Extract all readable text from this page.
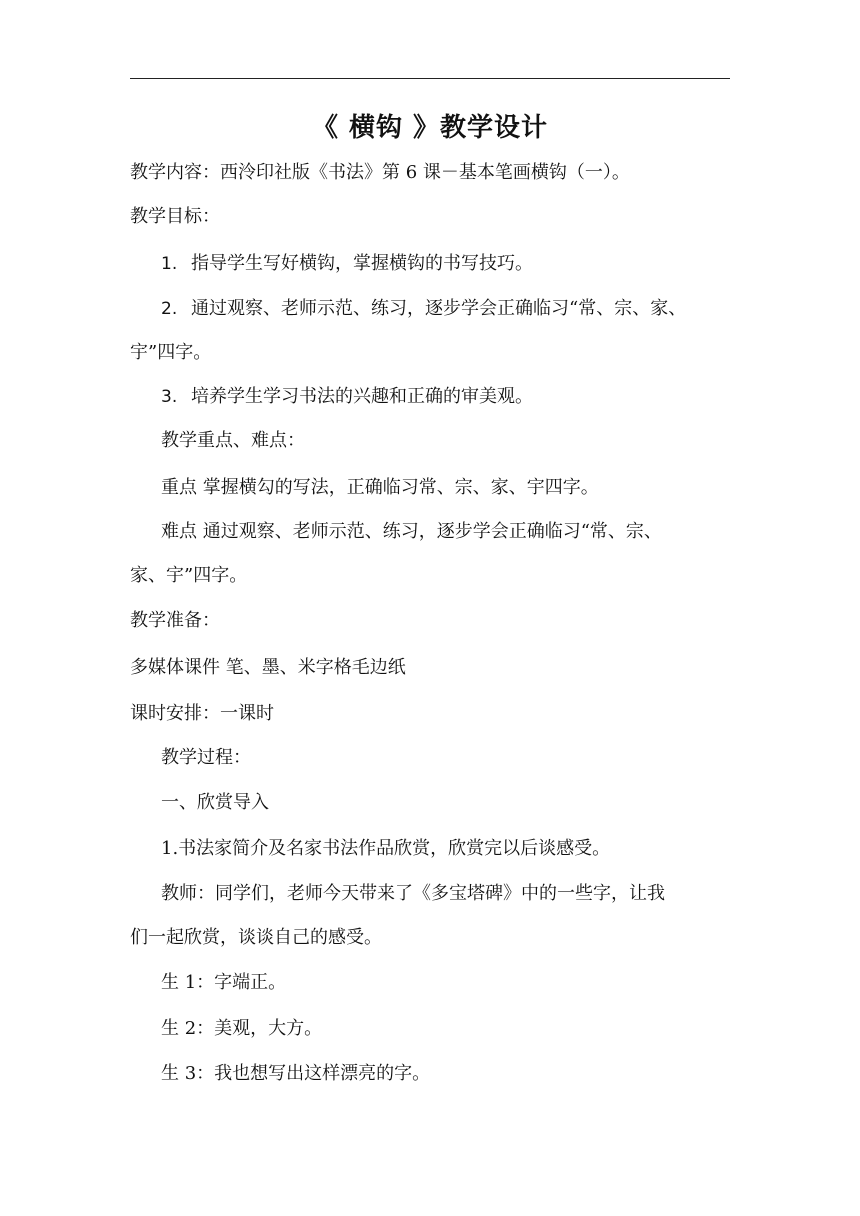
《 横钩 》教学设计
教学内容：西泠印社版《书法》第 6 课－基本笔画横钩（一）。
教学目标：
1. 指导学生写好横钩，掌握横钩的书写技巧。
2. 通过观察、老师示范、练习，逐步学会正确临习“常、宗、家、
宇”四字。
3. 培养学生学习书法的兴趣和正确的审美观。
教学重点、难点：
重点 掌握横勾的写法，正确临习常、宗、家、宇四字。
难点 通过观察、老师示范、练习，逐步学会正确临习“常、宗、
家、宇”四字。
教学准备：
多媒体课件 笔、墨、米字格毛边纸
课时安排：一课时
教学过程：
一、欣赏导入
1.书法家简介及名家书法作品欣赏，欣赏完以后谈感受。
教师：同学们，老师今天带来了《多宝塔碑》中的一些字，让我
们一起欣赏，谈谈自己的感受。
生 1：字端正。
生 2：美观，大方。
生 3：我也想写出这样漂亮的字。
